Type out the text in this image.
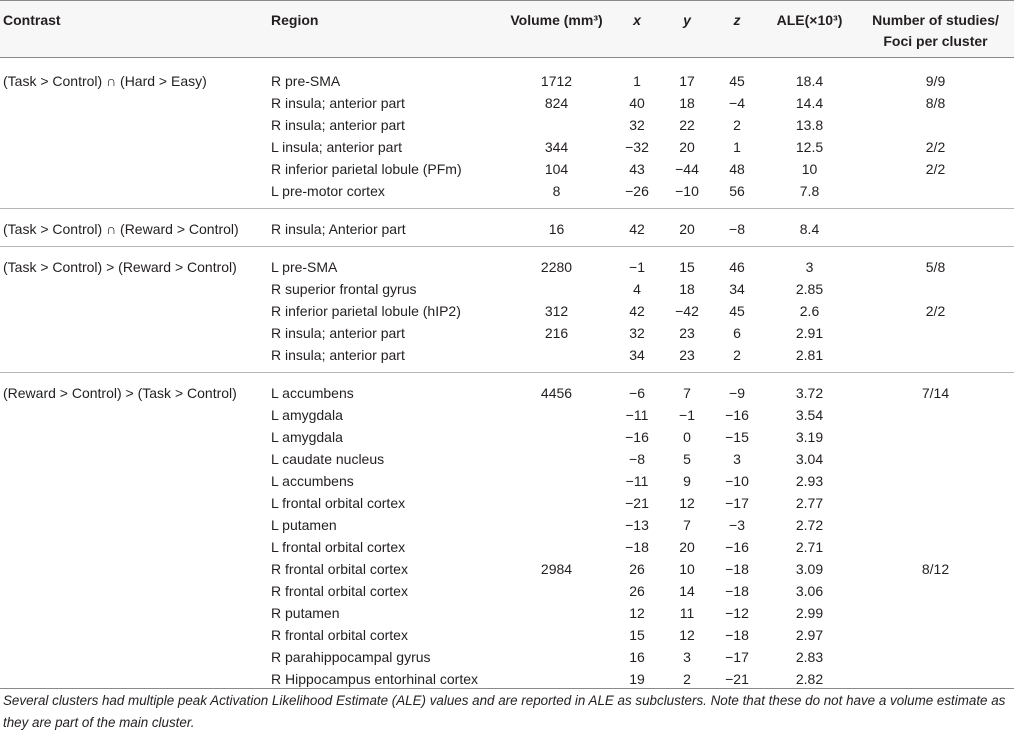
Contrast	Region	Volume (mm³)	x	y	z	ALE(×10³)	Number of studies/
Foci per cluster
(Task > Control) ∩ (Hard > Easy)	R pre-SMA	1712	1	17	45	18.4	9/9
	R insula; anterior part	824	40	18	−4	14.4	8/8
	R insula; anterior part		32	22	2	13.8	
	L insula; anterior part	344	−32	20	1	12.5	2/2
	R inferior parietal lobule (PFm)	104	43	−44	48	10	2/2
	L pre-motor cortex	8	−26	−10	56	7.8	
(Task > Control) ∩ (Reward > Control)	R insula; Anterior part	16	42	20	−8	8.4	
(Task > Control) > (Reward > Control)	L pre-SMA	2280	−1	15	46	3	5/8
	R superior frontal gyrus		4	18	34	2.85	
	R inferior parietal lobule (hIP2)	312	42	−42	45	2.6	2/2
	R insula; anterior part	216	32	23	6	2.91	
	R insula; anterior part		34	23	2	2.81	
(Reward > Control) > (Task > Control)	L accumbens	4456	−6	7	−9	3.72	7/14
	L amygdala		−11	−1	−16	3.54	
	L amygdala		−16	0	−15	3.19	
	L caudate nucleus		−8	5	3	3.04	
	L accumbens		−11	9	−10	2.93	
	L frontal orbital cortex		−21	12	−17	2.77	
	L putamen		−13	7	−3	2.72	
	L frontal orbital cortex		−18	20	−16	2.71	
	R frontal orbital cortex	2984	26	10	−18	3.09	8/12
	R frontal orbital cortex		26	14	−18	3.06	
	R putamen		12	11	−12	2.99	
	R frontal orbital cortex		15	12	−18	2.97	
	R parahippocampal gyrus		16	3	−17	2.83	
	R Hippocampus entorhinal cortex		19	2	−21	2.82	
Several clusters had multiple peak Activation Likelihood Estimate (ALE) values and are reported in ALE as subclusters. Note that these do not have a volume estimate as they are part of the main cluster.
